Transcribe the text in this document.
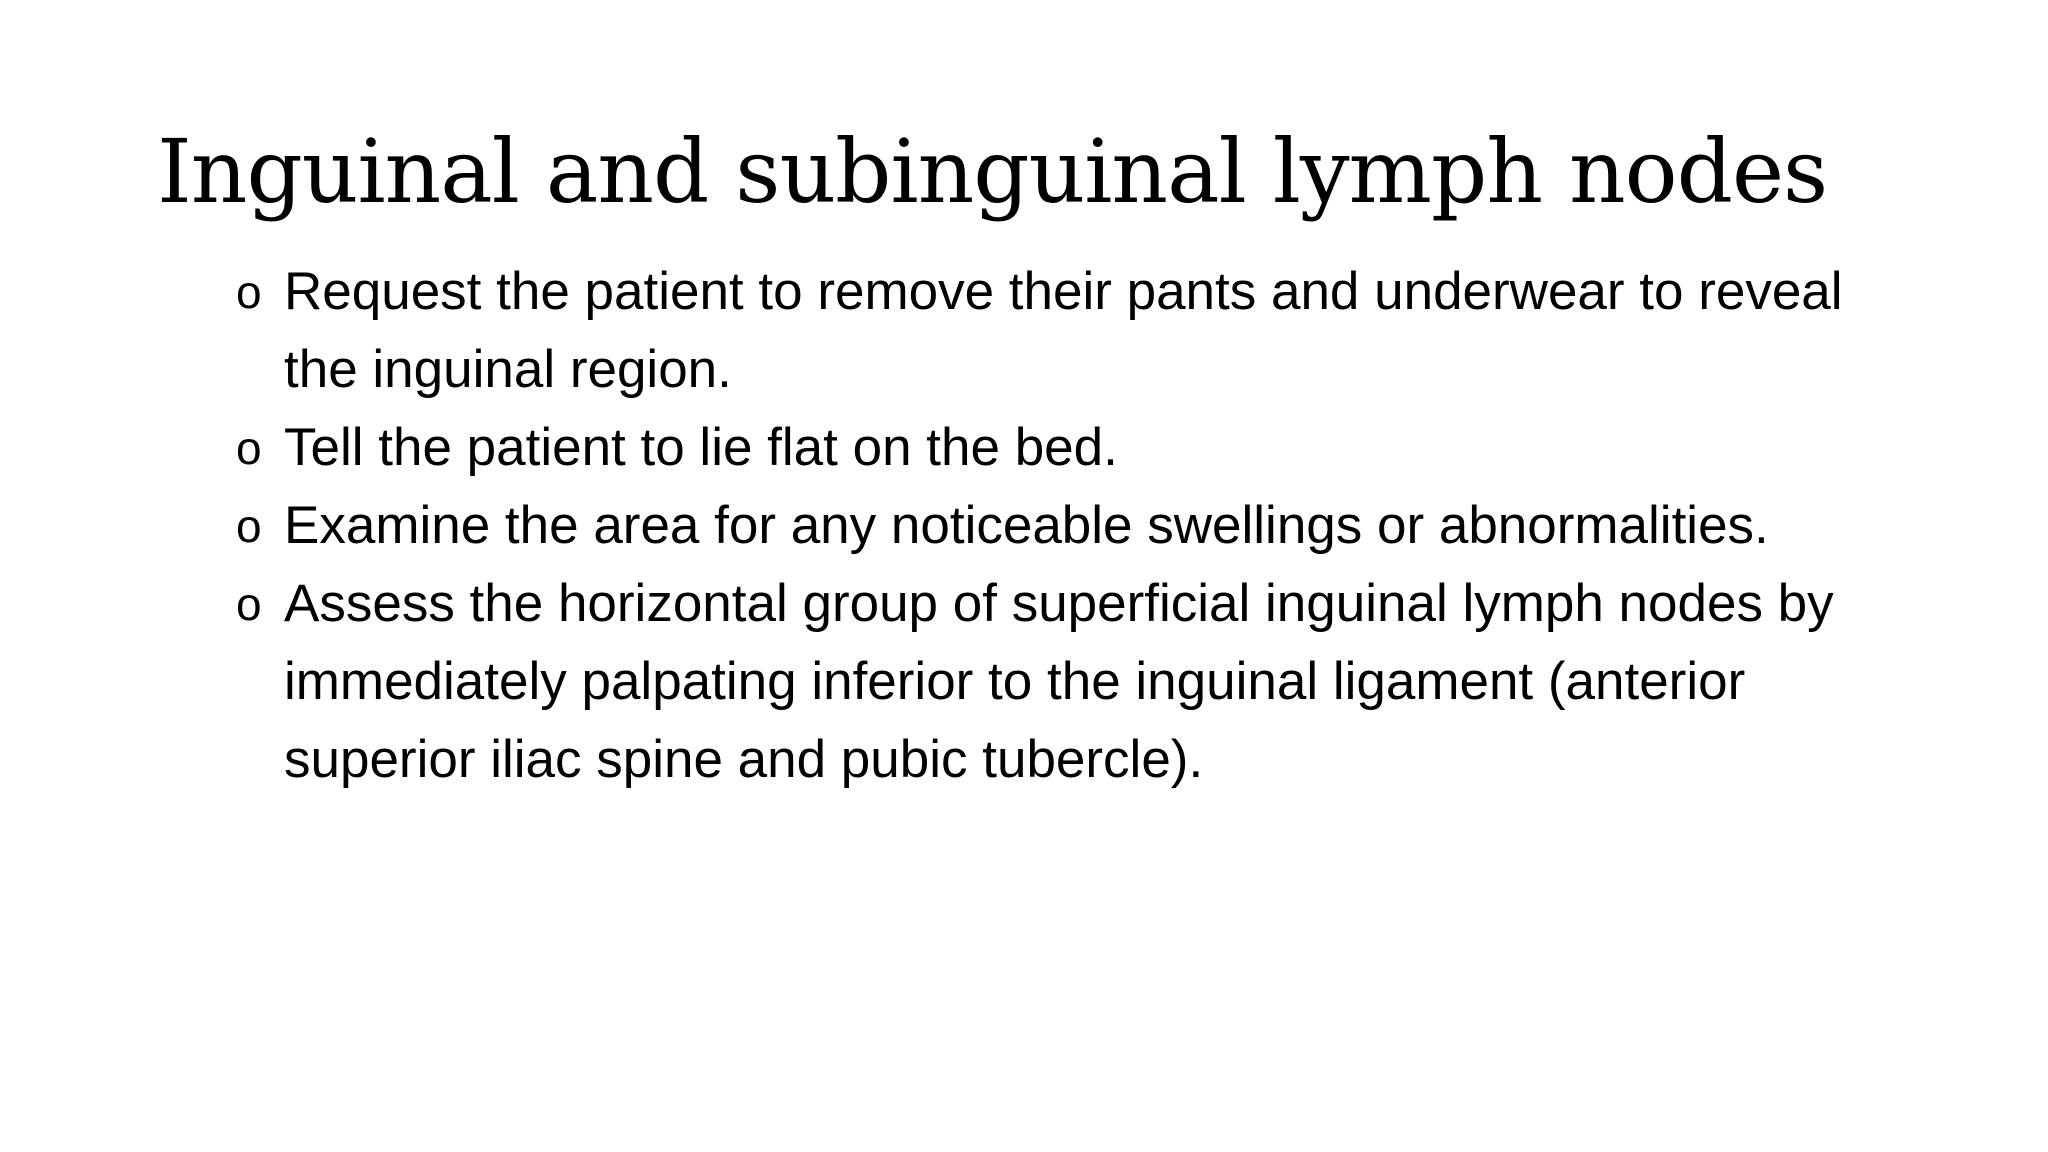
Inguinal and subinguinal lymph nodes
o Request the patient to remove their pants and underwear to reveal the inguinal region.
o Tell the patient to lie flat on the bed.
o Examine the area for any noticeable swellings or abnormalities.
o Assess the horizontal group of superficial inguinal lymph nodes by immediately palpating inferior to the inguinal ligament (anterior superior iliac spine and pubic tubercle).
